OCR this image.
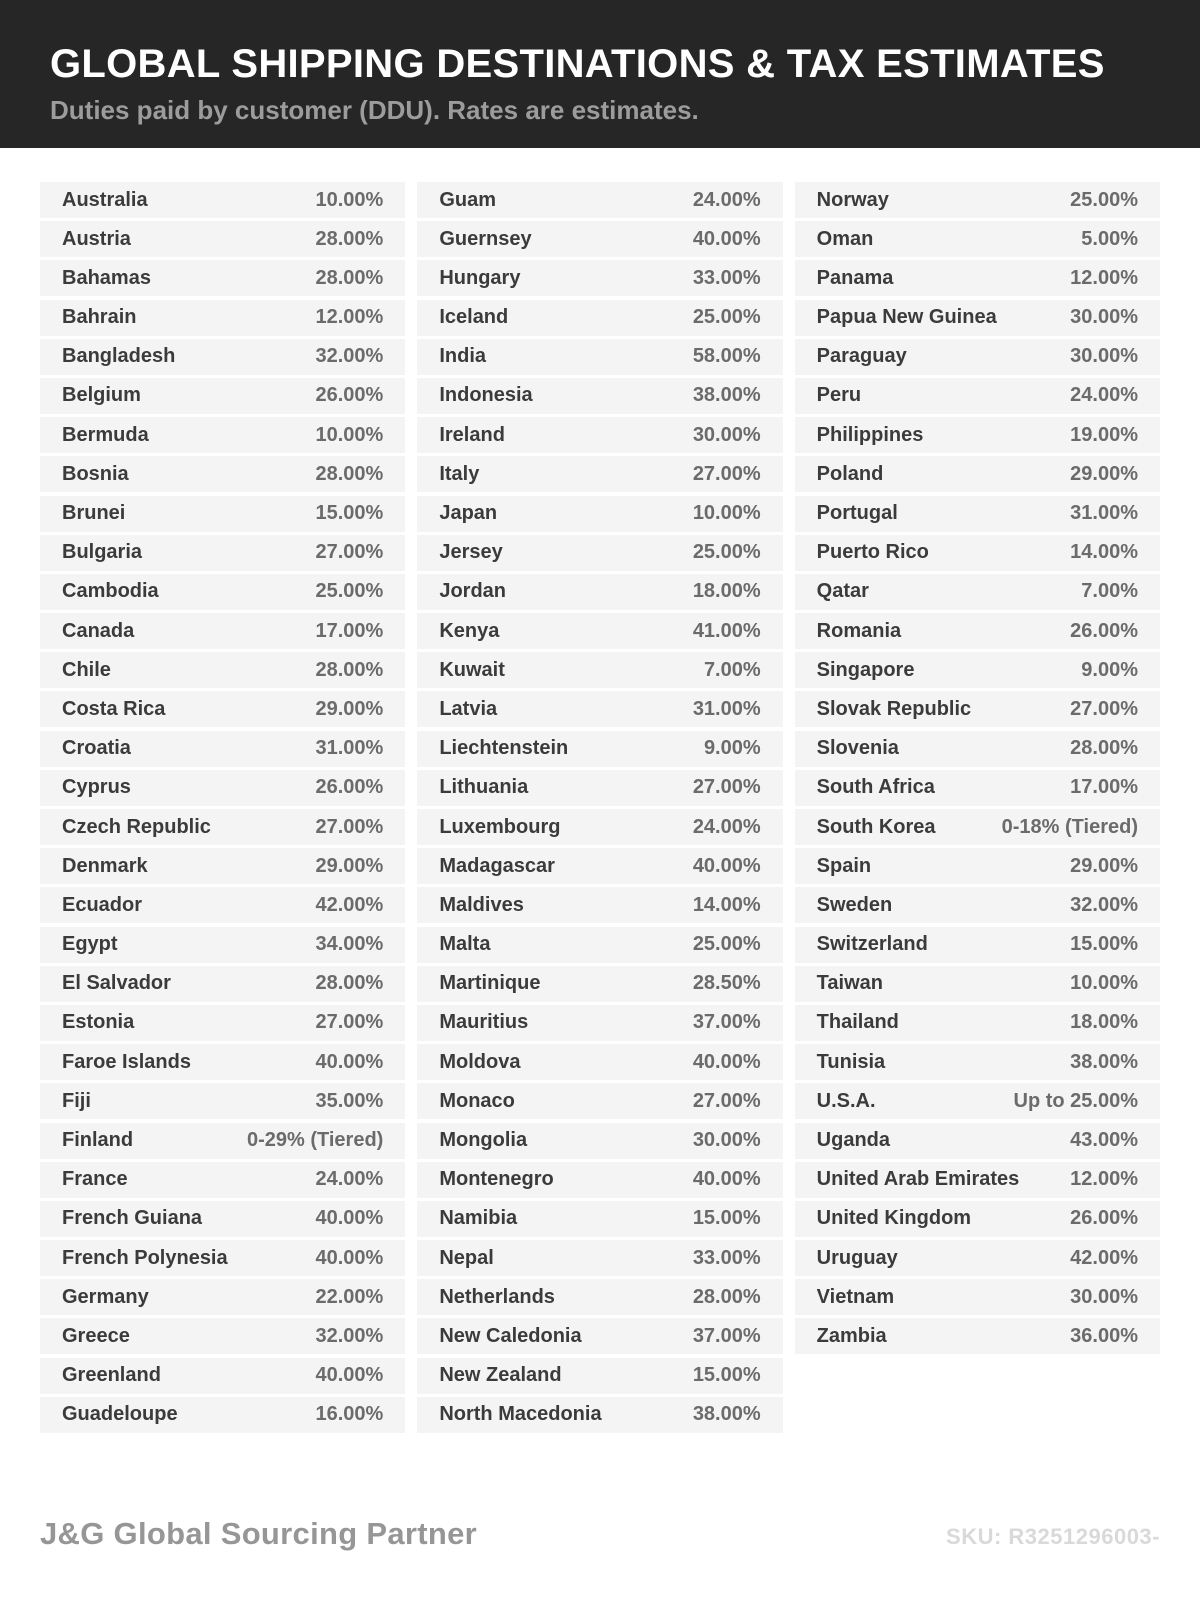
GLOBAL SHIPPING DESTINATIONS & TAX ESTIMATES
Duties paid by customer (DDU). Rates are estimates.
Australia	10.00%
Austria	28.00%
Bahamas	28.00%
Bahrain	12.00%
Bangladesh	32.00%
Belgium	26.00%
Bermuda	10.00%
Bosnia	28.00%
Brunei	15.00%
Bulgaria	27.00%
Cambodia	25.00%
Canada	17.00%
Chile	28.00%
Costa Rica	29.00%
Croatia	31.00%
Cyprus	26.00%
Czech Republic	27.00%
Denmark	29.00%
Ecuador	42.00%
Egypt	34.00%
El Salvador	28.00%
Estonia	27.00%
Faroe Islands	40.00%
Fiji	35.00%
Finland	0-29% (Tiered)
France	24.00%
French Guiana	40.00%
French Polynesia	40.00%
Germany	22.00%
Greece	32.00%
Greenland	40.00%
Guadeloupe	16.00%
Guam	24.00%
Guernsey	40.00%
Hungary	33.00%
Iceland	25.00%
India	58.00%
Indonesia	38.00%
Ireland	30.00%
Italy	27.00%
Japan	10.00%
Jersey	25.00%
Jordan	18.00%
Kenya	41.00%
Kuwait	7.00%
Latvia	31.00%
Liechtenstein	9.00%
Lithuania	27.00%
Luxembourg	24.00%
Madagascar	40.00%
Maldives	14.00%
Malta	25.00%
Martinique	28.50%
Mauritius	37.00%
Moldova	40.00%
Monaco	27.00%
Mongolia	30.00%
Montenegro	40.00%
Namibia	15.00%
Nepal	33.00%
Netherlands	28.00%
New Caledonia	37.00%
New Zealand	15.00%
North Macedonia	38.00%
Norway	25.00%
Oman	5.00%
Panama	12.00%
Papua New Guinea	30.00%
Paraguay	30.00%
Peru	24.00%
Philippines	19.00%
Poland	29.00%
Portugal	31.00%
Puerto Rico	14.00%
Qatar	7.00%
Romania	26.00%
Singapore	9.00%
Slovak Republic	27.00%
Slovenia	28.00%
South Africa	17.00%
South Korea	0-18% (Tiered)
Spain	29.00%
Sweden	32.00%
Switzerland	15.00%
Taiwan	10.00%
Thailand	18.00%
Tunisia	38.00%
U.S.A.	Up to 25.00%
Uganda	43.00%
United Arab Emirates	12.00%
United Kingdom	26.00%
Uruguay	42.00%
Vietnam	30.00%
Zambia	36.00%
J&G Global Sourcing Partner	SKU: R3251296003-
